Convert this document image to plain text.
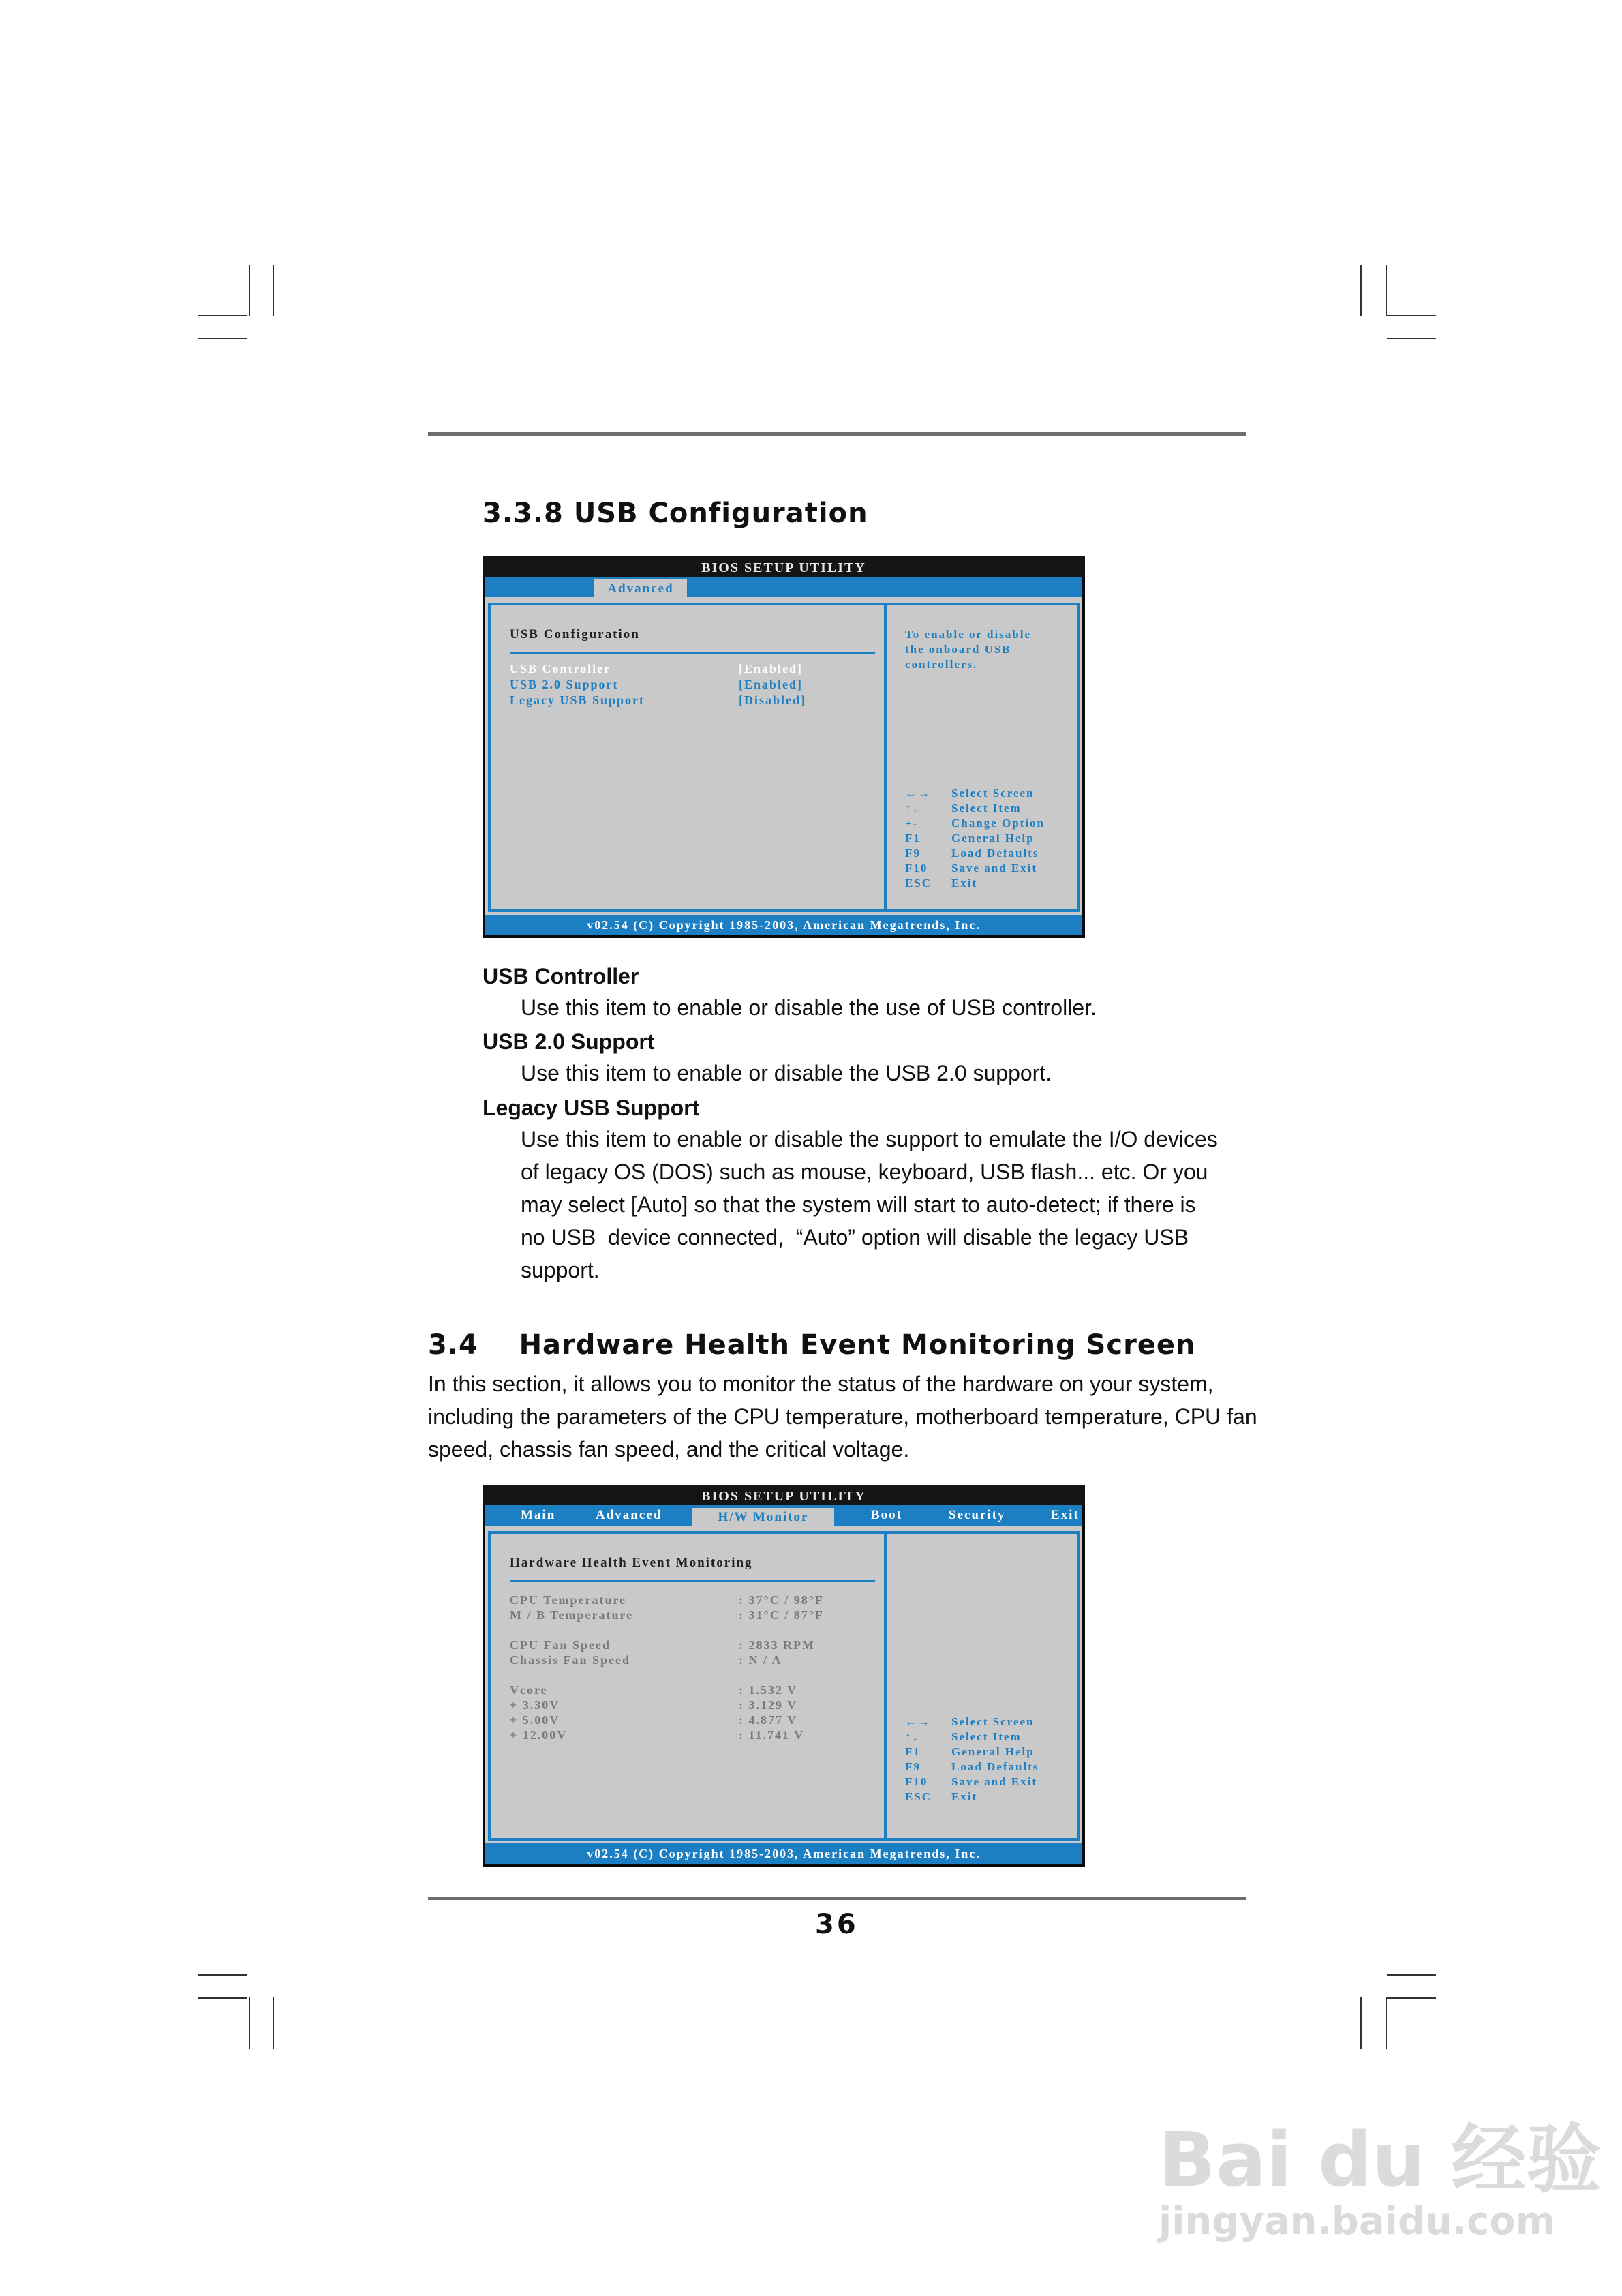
3.3.8 USB Configuration
BIOS SETUP UTILITY
Advanced
USB Configuration
USB Controller	[Enabled]
USB 2.0 Support	[Enabled]
Legacy USB Support	[Disabled]
To enable or disable
the onboard USB
controllers.
←→ Select Screen
↑↓	Select Item
+-	Change Option
F1	General Help
F9	Load Defaults
F10 Save and Exit
ESC Exit
v02.54 (C) Copyright 1985-2003, American Megatrends, Inc.
USB Controller
Use this item to enable or disable the use of USB controller.
USB 2.0 Support
Use this item to enable or disable the USB 2.0 support.
Legacy USB Support
Use this item to enable or disable the support to emulate the I/O devices
of legacy OS (DOS) such as mouse, keyboard, USB flash... etc. Or you
may select [Auto] so that the system will start to auto-detect; if there is
no USB  device connected,  “Auto” option will disable the legacy USB
support.
3.4    Hardware Health Event Monitoring Screen
In this section, it allows you to monitor the status of the hardware on your system,
including the parameters of the CPU temperature, motherboard temperature, CPU fan
speed, chassis fan speed, and the critical voltage.
BIOS SETUP UTILITY
Main	Advanced	H/W Monitor	Boot	Security	Exit
Hardware Health Event Monitoring
CPU Temperature	: 37°C / 98°F
M / B Temperature	: 31°C / 87°F
CPU Fan Speed	: 2833 RPM
Chassis Fan Speed	: N / A
Vcore	: 1.532 V
+ 3.30V	: 3.129 V
+ 5.00V	: 4.877 V
+ 12.00V	: 11.741 V
←→ Select Screen
↑↓	Select Item
F1	General Help
F9	Load Defaults
F10 Save and Exit
ESC Exit
v02.54 (C) Copyright 1985-2003, American Megatrends, Inc.
36
Bai du 经验
jingyan.baidu.com
